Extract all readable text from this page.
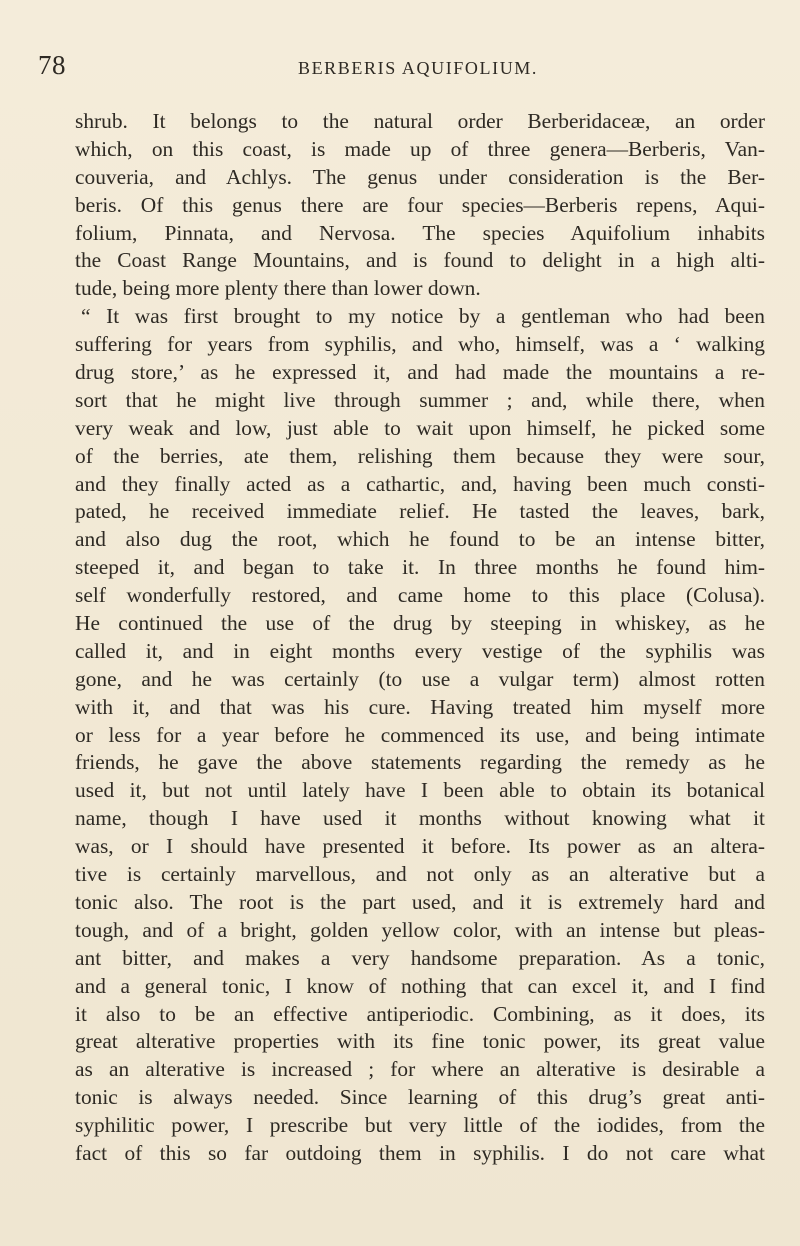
78	BERBERIS AQUIFOLIUM.
shrub. It belongs to the natural order Berberidaceæ, an order
which, on this coast, is made up of three genera—Berberis, Van-
couveria, and Achlys. The genus under consideration is the Ber-
beris. Of this genus there are four species—Berberis repens, Aqui-
folium, Pinnata, and Nervosa. The species Aquifolium inhabits
the Coast Range Mountains, and is found to delight in a high alti-
tude, being more plenty there than lower down.
“ It was first brought to my notice by a gentleman who had been
suffering for years from syphilis, and who, himself, was a ‘ walking
drug store,’ as he expressed it, and had made the mountains a re-
sort that he might live through summer ; and, while there, when
very weak and low, just able to wait upon himself, he picked some
of the berries, ate them, relishing them because they were sour,
and they finally acted as a cathartic, and, having been much consti-
pated, he received immediate relief. He tasted the leaves, bark,
and also dug the root, which he found to be an intense bitter,
steeped it, and began to take it. In three months he found him-
self wonderfully restored, and came home to this place (Colusa).
He continued the use of the drug by steeping in whiskey, as he
called it, and in eight months every vestige of the syphilis was
gone, and he was certainly (to use a vulgar term) almost rotten
with it, and that was his cure. Having treated him myself more
or less for a year before he commenced its use, and being intimate
friends, he gave the above statements regarding the remedy as he
used it, but not until lately have I been able to obtain its botanical
name, though I have used it months without knowing what it
was, or I should have presented it before. Its power as an altera-
tive is certainly marvellous, and not only as an alterative but a
tonic also. The root is the part used, and it is extremely hard and
tough, and of a bright, golden yellow color, with an intense but pleas-
ant bitter, and makes a very handsome preparation. As a tonic,
and a general tonic, I know of nothing that can excel it, and I find
it also to be an effective antiperiodic. Combining, as it does, its
great alterative properties with its fine tonic power, its great value
as an alterative is increased ; for where an alterative is desirable a
tonic is always needed. Since learning of this drug’s great anti-
syphilitic power, I prescribe but very little of the iodides, from the
fact of this so far outdoing them in syphilis. I do not care what
